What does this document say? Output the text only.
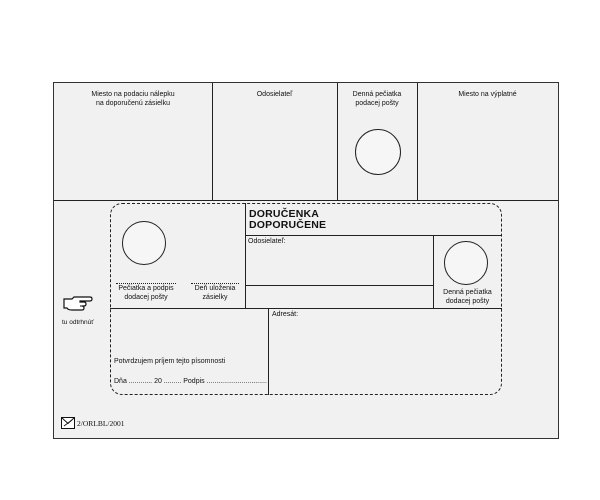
Miesto na podaciu nálepku
na doporučenú zásielku
Odosielateľ	Denná pečiatka
podacej pošty
Miesto na výplatné
DORUČENKA
DOPORUČENE
Odosielateľ:
Pečiatka a podpis
dodacej pošty
Deň uloženia
zásielky
Denná pečiatka
dodacej pošty
Adresát:
Potvrdzujem príjem tejto písomnosti
Dňa ............ 20 ......... Podpis ...............................
tu odtrhnúť
2/ORLBL/2001
